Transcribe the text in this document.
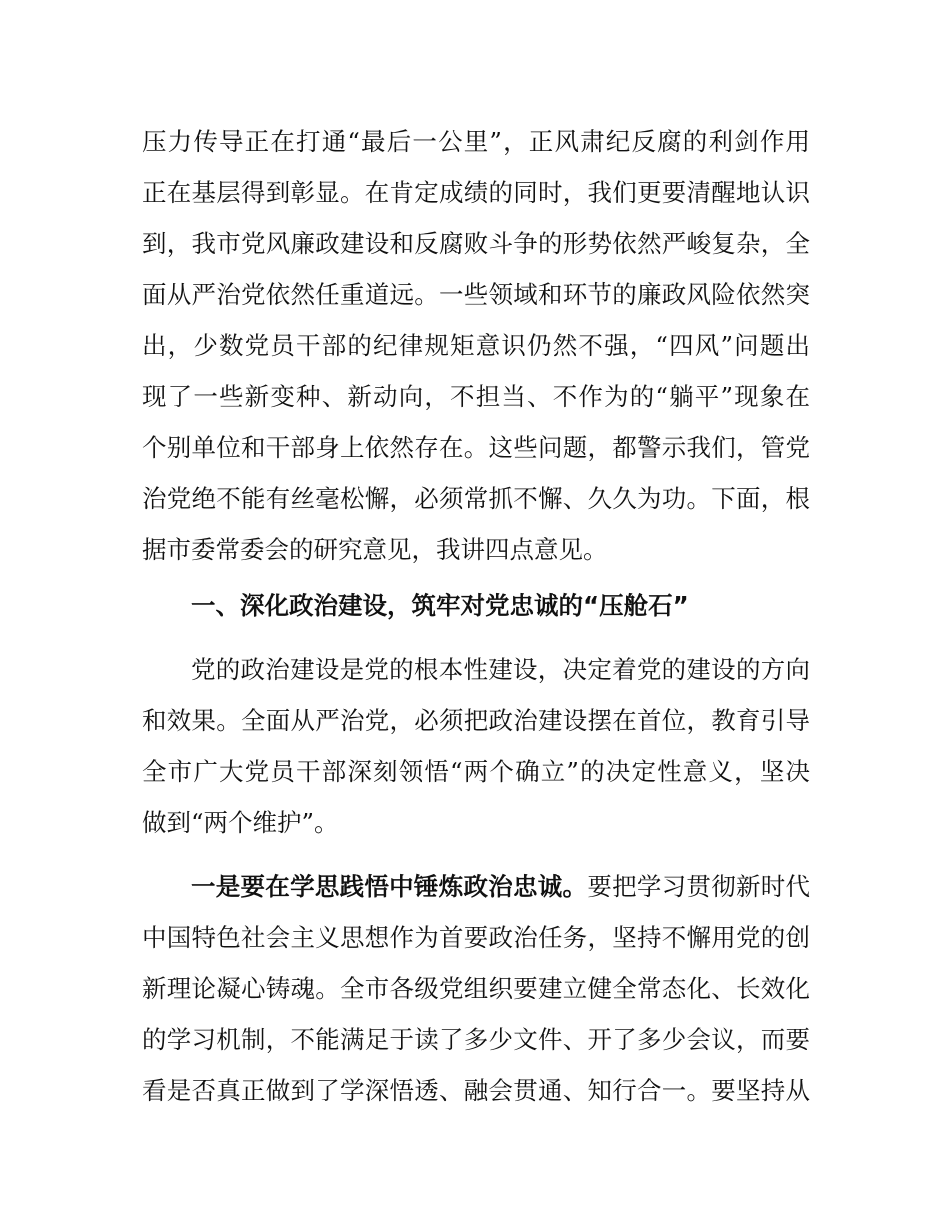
压力传导正在打通“最后一公里”，正风肃纪反腐的利剑作用
正在基层得到彰显。在肯定成绩的同时，我们更要清醒地认识
到，我市党风廉政建设和反腐败斗争的形势依然严峻复杂，全
面从严治党依然任重道远。一些领域和环节的廉政风险依然突
出，少数党员干部的纪律规矩意识仍然不强，“四风”问题出
现了一些新变种、新动向，不担当、不作为的“躺平”现象在
个别单位和干部身上依然存在。这些问题，都警示我们，管党
治党绝不能有丝毫松懈，必须常抓不懈、久久为功。下面，根
据市委常委会的研究意见，我讲四点意见。
一、深化政治建设，筑牢对党忠诚的“压舱石”
党的政治建设是党的根本性建设，决定着党的建设的方向
和效果。全面从严治党，必须把政治建设摆在首位，教育引导
全市广大党员干部深刻领悟“两个确立”的决定性意义，坚决
做到“两个维护”。
一是要在学思践悟中锤炼政治忠诚。要把学习贯彻新时代
中国特色社会主义思想作为首要政治任务，坚持不懈用党的创
新理论凝心铸魂。全市各级党组织要建立健全常态化、长效化
的学习机制，不能满足于读了多少文件、开了多少会议，而要
看是否真正做到了学深悟透、融会贯通、知行合一。要坚持从
